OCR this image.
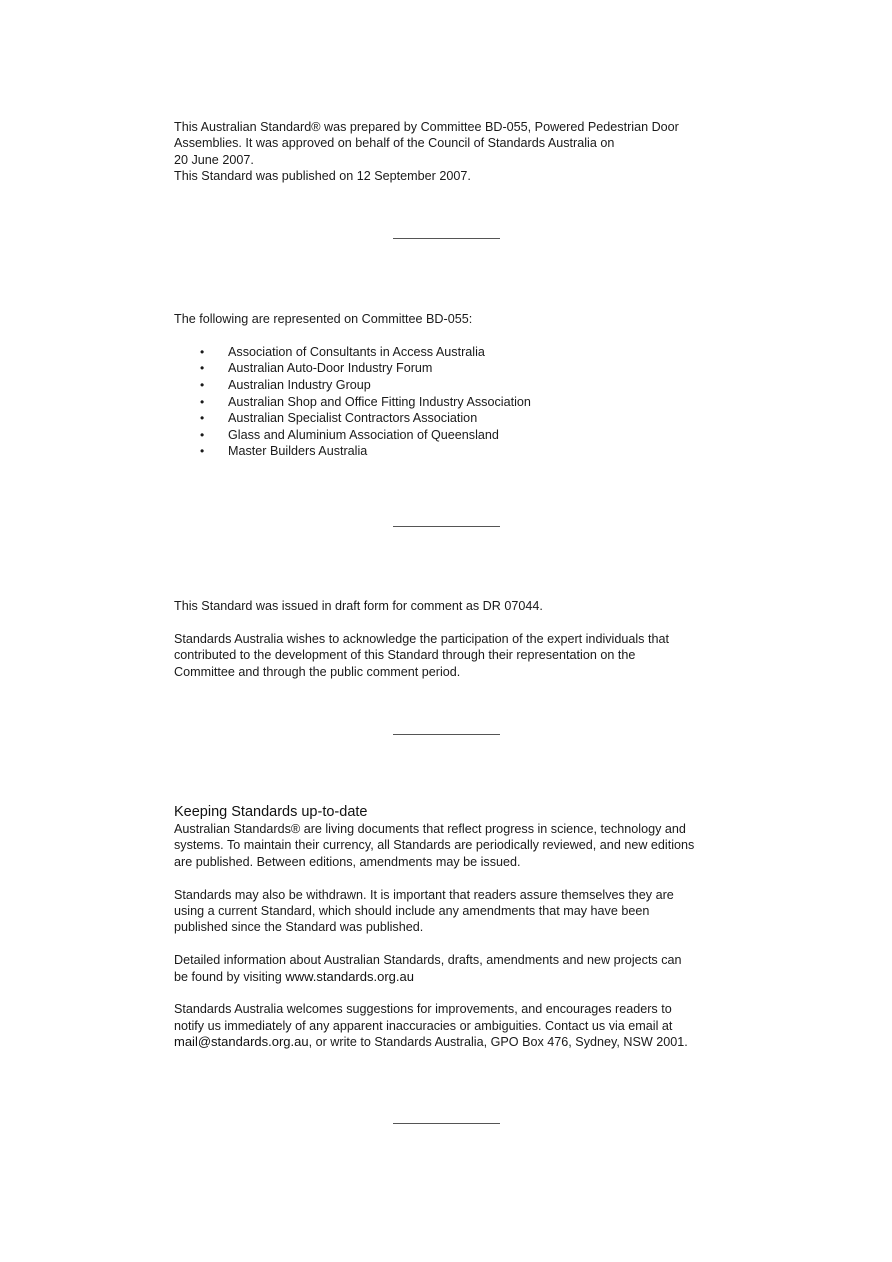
This Australian Standard® was prepared by Committee BD-055, Powered Pedestrian Door

Assemblies. It was approved on behalf of the Council of Standards Australia on

20 June 2007.

This Standard was published on 12 September 2007.

The following are represented on Committee BD-055:

• Association of Consultants in Access Australia
• Australian Auto-Door Industry Forum
• Australian Industry Group
• Australian Shop and Office Fitting Industry Association
• Australian Specialist Contractors Association
• Glass and Aluminium Association of Queensland
• Master Builders Australia

This Standard was issued in draft form for comment as DR 07044.

Standards Australia wishes to acknowledge the participation of the expert individuals that

contributed to the development of this Standard through their representation on the

Committee and through the public comment period.

Keeping Standards up-to-date

Australian Standards® are living documents that reflect progress in science, technology and

systems. To maintain their currency, all Standards are periodically reviewed, and new editions

are published. Between editions, amendments may be issued.

Standards may also be withdrawn. It is important that readers assure themselves they are

using a current Standard, which should include any amendments that may have been

published since the Standard was published.

Detailed information about Australian Standards, drafts, amendments and new projects can

be found by visiting www.standards.org.au

Standards Australia welcomes suggestions for improvements, and encourages readers to

notify us immediately of any apparent inaccuracies or ambiguities. Contact us via email at

mail@standards.org.au, or write to Standards Australia, GPO Box 476, Sydney, NSW 2001.
